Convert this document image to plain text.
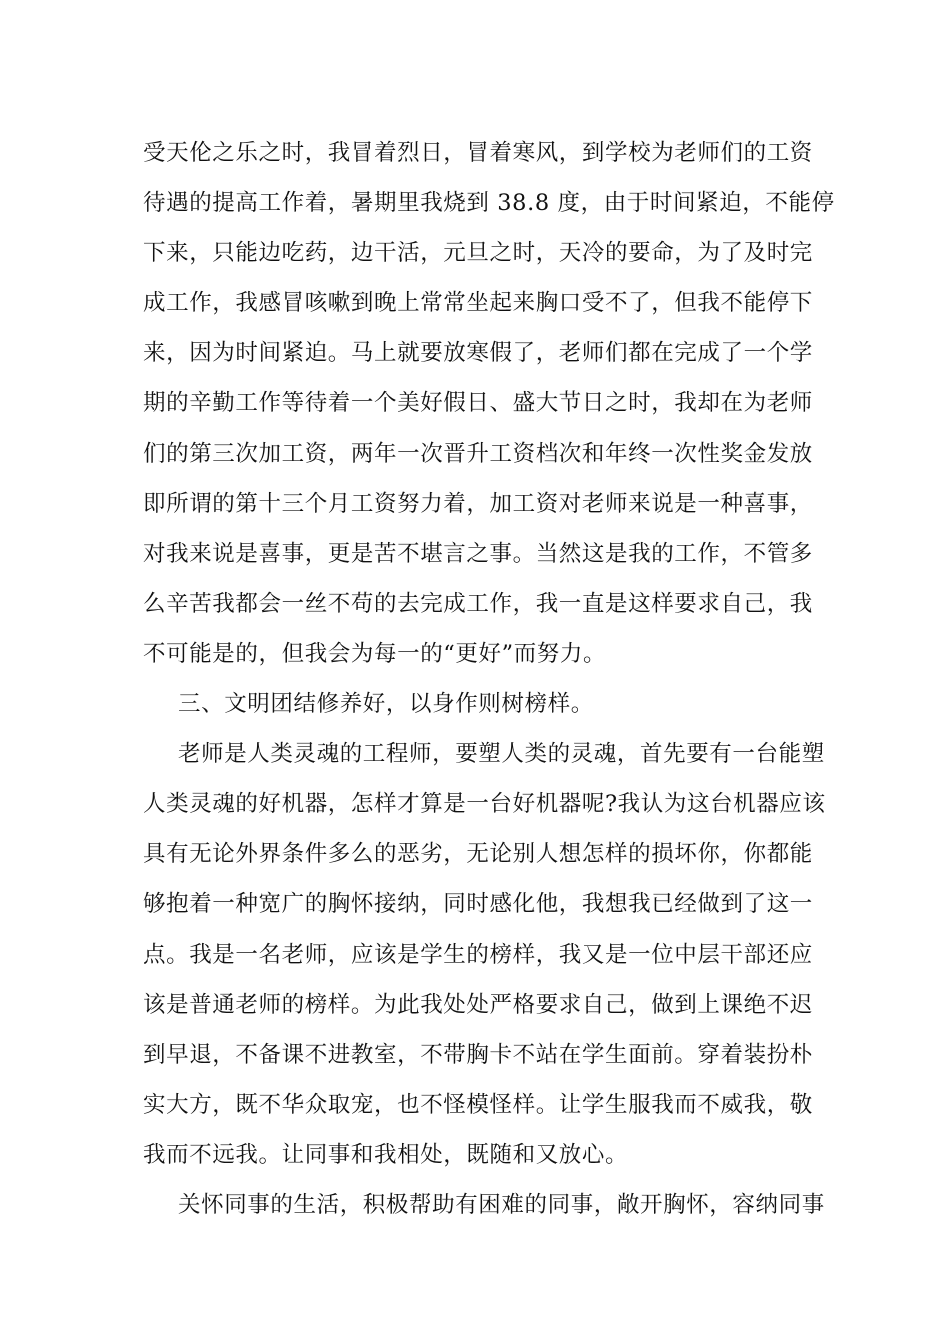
受天伦之乐之时，我冒着烈日，冒着寒风，到学校为老师们的工资
待遇的提高工作着，暑期里我烧到 38.8 度，由于时间紧迫，不能停
下来，只能边吃药，边干活，元旦之时，天冷的要命，为了及时完
成工作，我感冒咳嗽到晚上常常坐起来胸口受不了，但我不能停下
来，因为时间紧迫。马上就要放寒假了，老师们都在完成了一个学
期的辛勤工作等待着一个美好假日、盛大节日之时，我却在为老师
们的第三次加工资，两年一次晋升工资档次和年终一次性奖金发放
即所谓的第十三个月工资努力着，加工资对老师来说是一种喜事，
对我来说是喜事，更是苦不堪言之事。当然这是我的工作，不管多
么辛苦我都会一丝不苟的去完成工作，我一直是这样要求自己，我
不可能是的，但我会为每一的“更好”而努力。
三、文明团结修养好，以身作则树榜样。
老师是人类灵魂的工程师，要塑人类的灵魂，首先要有一台能塑
人类灵魂的好机器，怎样才算是一台好机器呢?我认为这台机器应该
具有无论外界条件多么的恶劣，无论别人想怎样的损坏你，你都能
够抱着一种宽广的胸怀接纳，同时感化他，我想我已经做到了这一
点。我是一名老师，应该是学生的榜样，我又是一位中层干部还应
该是普通老师的榜样。为此我处处严格要求自己，做到上课绝不迟
到早退，不备课不进教室，不带胸卡不站在学生面前。穿着装扮朴
实大方，既不华众取宠，也不怪模怪样。让学生服我而不威我，敬
我而不远我。让同事和我相处，既随和又放心。
关怀同事的生活，积极帮助有困难的同事，敞开胸怀，容纳同事
